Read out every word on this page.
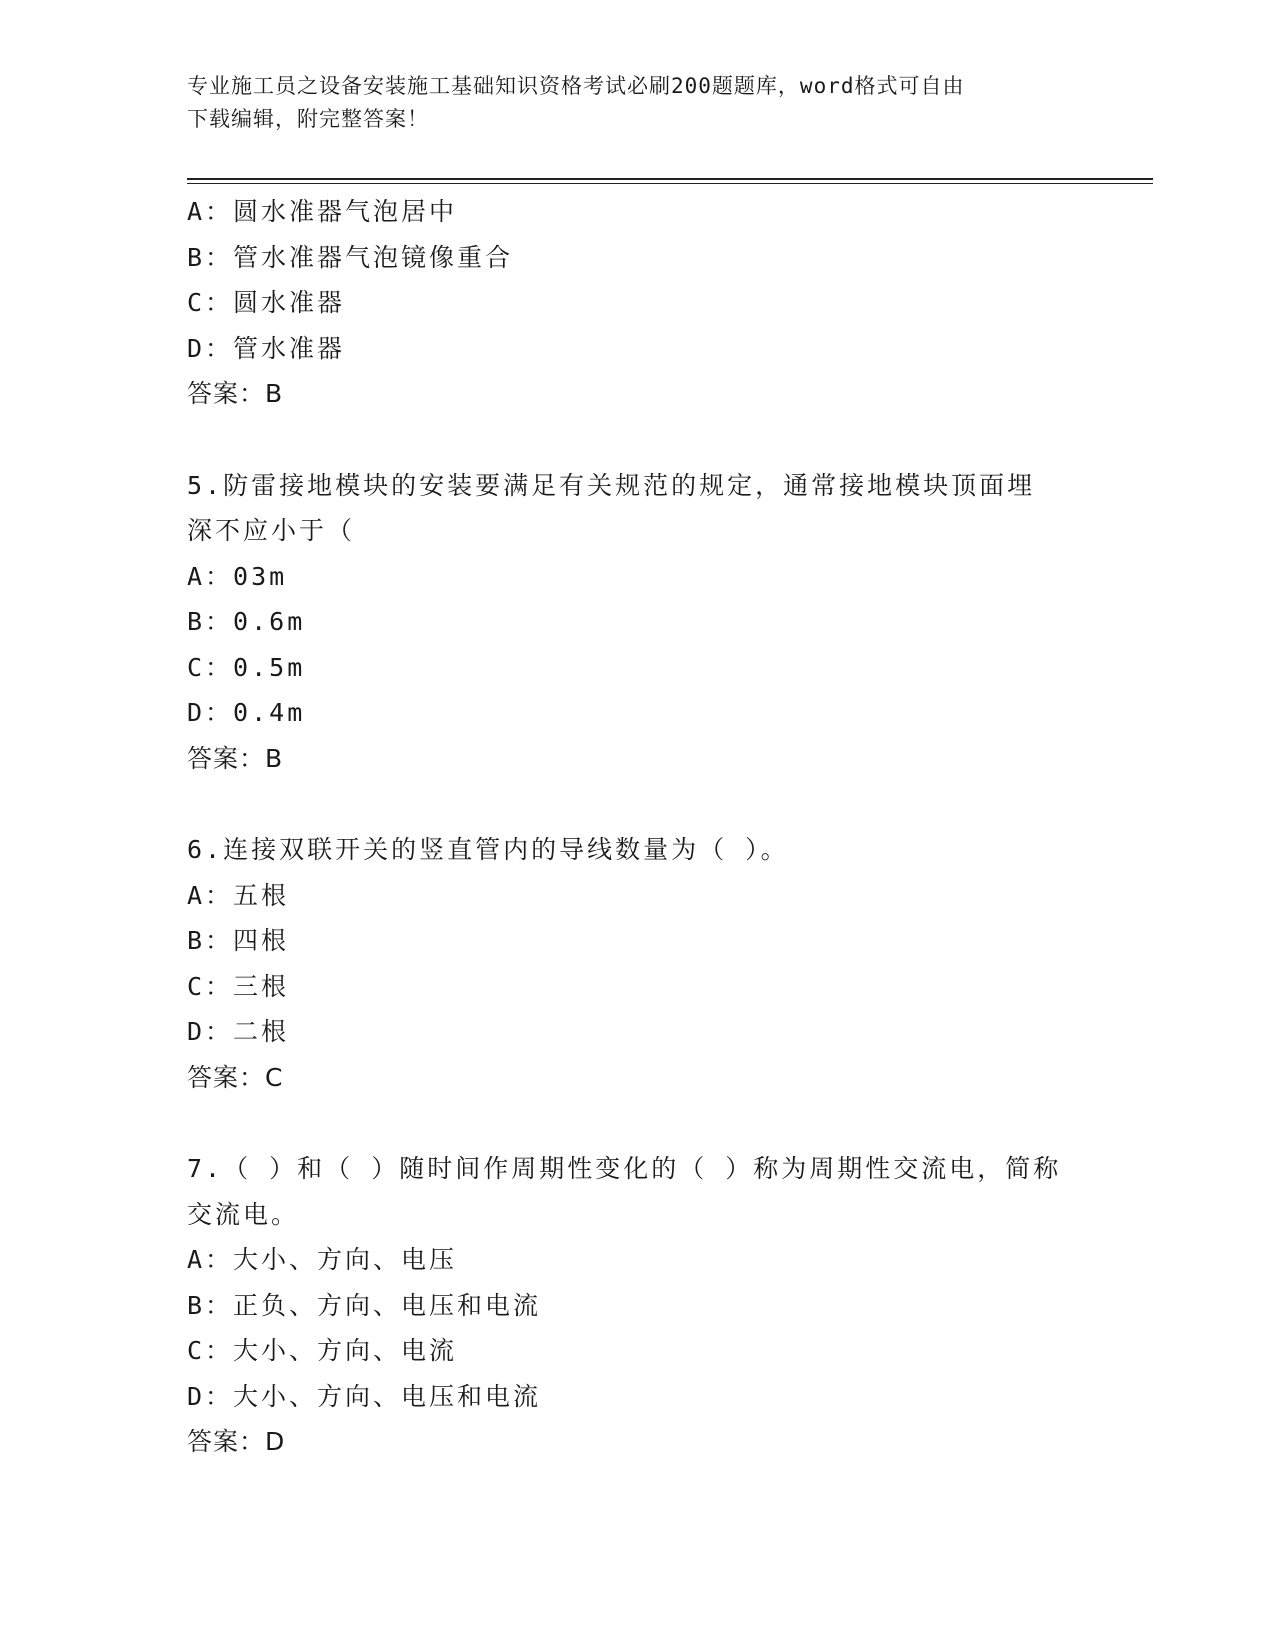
专业施工员之设备安装施工基础知识资格考试必刷200题题库，word格式可自由
下载编辑，附完整答案！
A：圆水准器气泡居中
B：管水准器气泡镜像重合
C：圆水准器
D：管水准器
答案：B
5.防雷接地模块的安装要满足有关规范的规定，通常接地模块顶面埋
深不应小于（
A：03m
B：0.6m
C：0.5m
D：0.4m
答案：B
6.连接双联开关的竖直管内的导线数量为（ ）。
A：五根
B：四根
C：三根
D：二根
答案：C
7.（ ）和（ ）随时间作周期性变化的（ ）称为周期性交流电，简称
交流电。
A：大小、方向、电压
B：正负、方向、电压和电流
C：大小、方向、电流
D：大小、方向、电压和电流
答案：D
